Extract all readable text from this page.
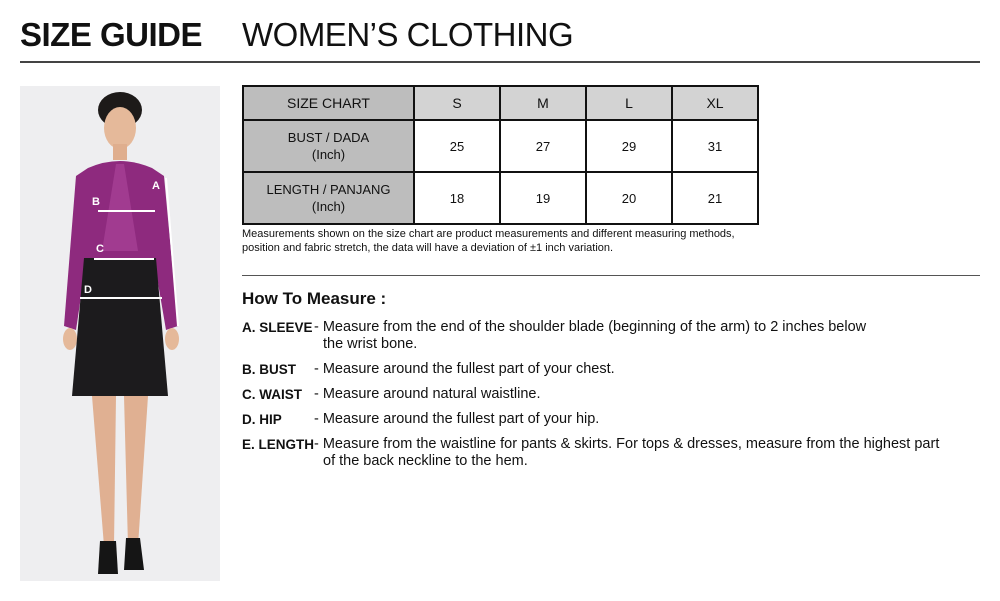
SIZE GUIDE WOMEN’S CLOTHING
A
B
C
D
SIZE CHART	S	M	L	XL

BUST / DADA
(Inch)	25	27	29	31

LENGTH / PANJANG
(Inch)	18	19	20	21
Measurements shown on the size chart are product measurements and different measuring methods,
position and fabric stretch, the data will have a deviation of ±1 inch variation.
How To Measure :
A. SLEEVE - Measure from the end of the shoulder blade (beginning of the arm) to 2 inches below
the wrist bone.
B. BUST - Measure around the fullest part of your chest.
C. WAIST - Measure around natural waistline.
D. HIP - Measure around the fullest part of your hip.
E. LENGTH - Measure from the waistline for pants & skirts. For tops & dresses, measure from the highest part
of the back neckline to the hem.
